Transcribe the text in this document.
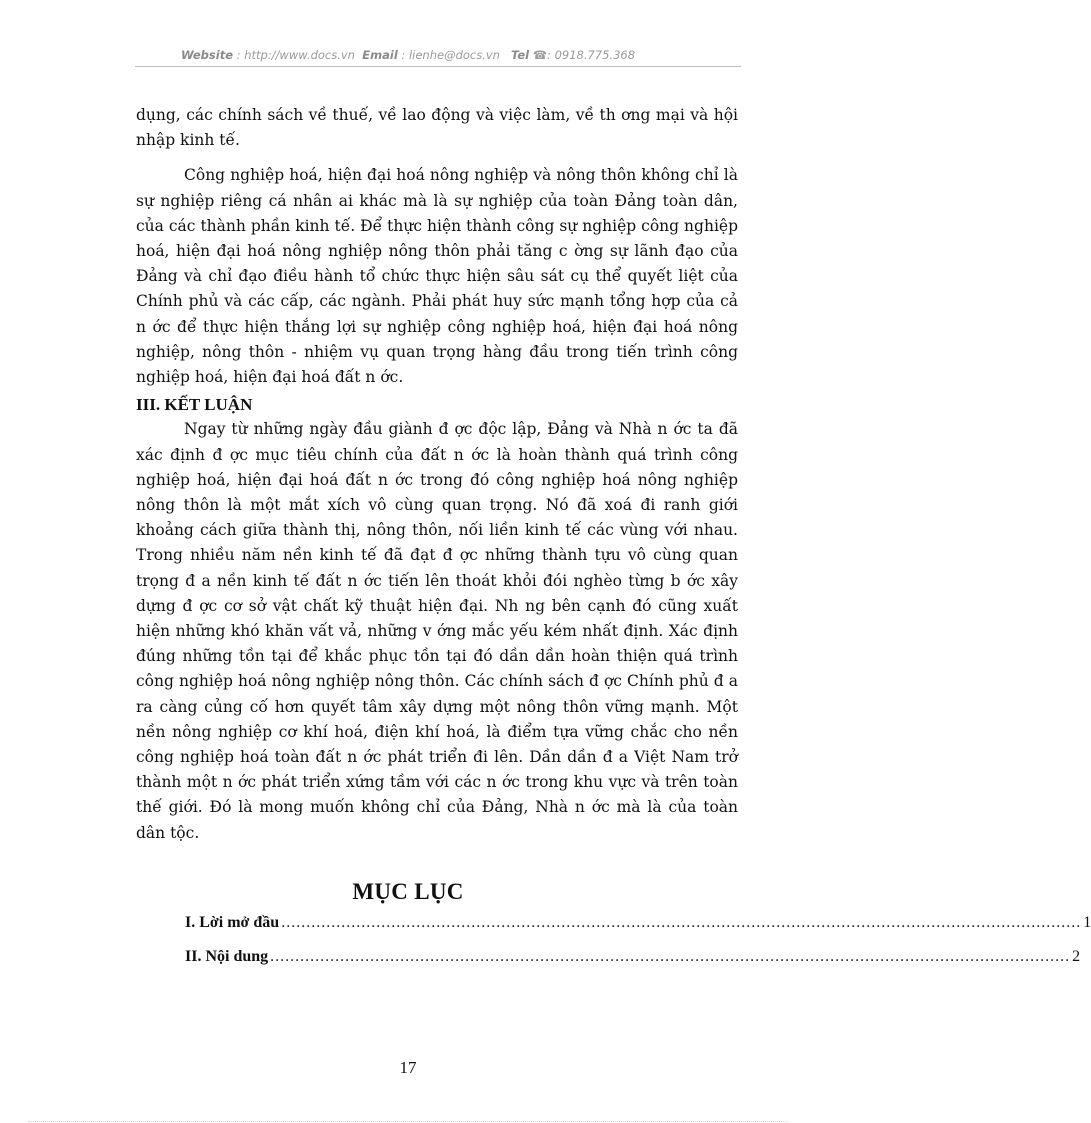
Website : http://www.docs.vn Email : lienhe@docs.vn Tel ☎: 0918.775.368

dụng, các chính sách về thuế, về lao động và việc làm, về th ơng mại và hội nhập kinh tế.

Công nghiệp hoá, hiện đại hoá nông nghiệp và nông thôn không chỉ là sự nghiệp riêng cá nhân ai khác mà là sự nghiệp của toàn Đảng toàn dân, của các thành phần kinh tế. Để thực hiện thành công sự nghiệp công nghiệp hoá, hiện đại hoá nông nghiệp nông thôn phải tăng c ờng sự lãnh đạo của Đảng và chỉ đạo điều hành tổ chức thực hiện sâu sát cụ thể quyết liệt của Chính phủ và các cấp, các ngành. Phải phát huy sức mạnh tổng hợp của cả n ớc để thực hiện thắng lợi sự nghiệp công nghiệp hoá, hiện đại hoá nông nghiệp, nông thôn - nhiệm vụ quan trọng hàng đầu trong tiến trình công nghiệp hoá, hiện đại hoá đất n ớc.

III. KẾT LUẬN

Ngay từ những ngày đầu giành đ ợc độc lập, Đảng và Nhà n ớc ta đã xác định đ ợc mục tiêu chính của đất n ớc là hoàn thành quá trình công nghiệp hoá, hiện đại hoá đất n ớc trong đó công nghiệp hoá nông nghiệp nông thôn là một mắt xích vô cùng quan trọng. Nó đã xoá đi ranh giới khoảng cách giữa thành thị, nông thôn, nối liền kinh tế các vùng với nhau. Trong nhiều năm nền kinh tế đã đạt đ ợc những thành tựu vô cùng quan trọng đ a nền kinh tế đất n ớc tiến lên thoát khỏi đói nghèo từng b ớc xây dựng đ ợc cơ sở vật chất kỹ thuật hiện đại. Nh ng bên cạnh đó cũng xuất hiện những khó khăn vất vả, những v ớng mắc yếu kém nhất định. Xác định đúng những tồn tại để khắc phục tồn tại đó dần dần hoàn thiện quá trình công nghiệp hoá nông nghiệp nông thôn. Các chính sách đ ợc Chính phủ đ a ra càng củng cố hơn quyết tâm xây dựng một nông thôn vững mạnh. Một nền nông nghiệp cơ khí hoá, điện khí hoá, là điểm tựa vững chắc cho nền công nghiệp hoá toàn đất n ớc phát triển đi lên. Dần dần đ a Việt Nam trở thành một n ớc phát triển xứng tầm với các n ớc trong khu vực và trên toàn thế giới. Đó là mong muốn không chỉ của Đảng, Nhà n ớc mà là của toàn dân tộc.

MỤC LỤC
I. Lời mở đầu ................................................................................................................................................................ 1
II. Nội dung ................................................................................................................................................................ 2
17
